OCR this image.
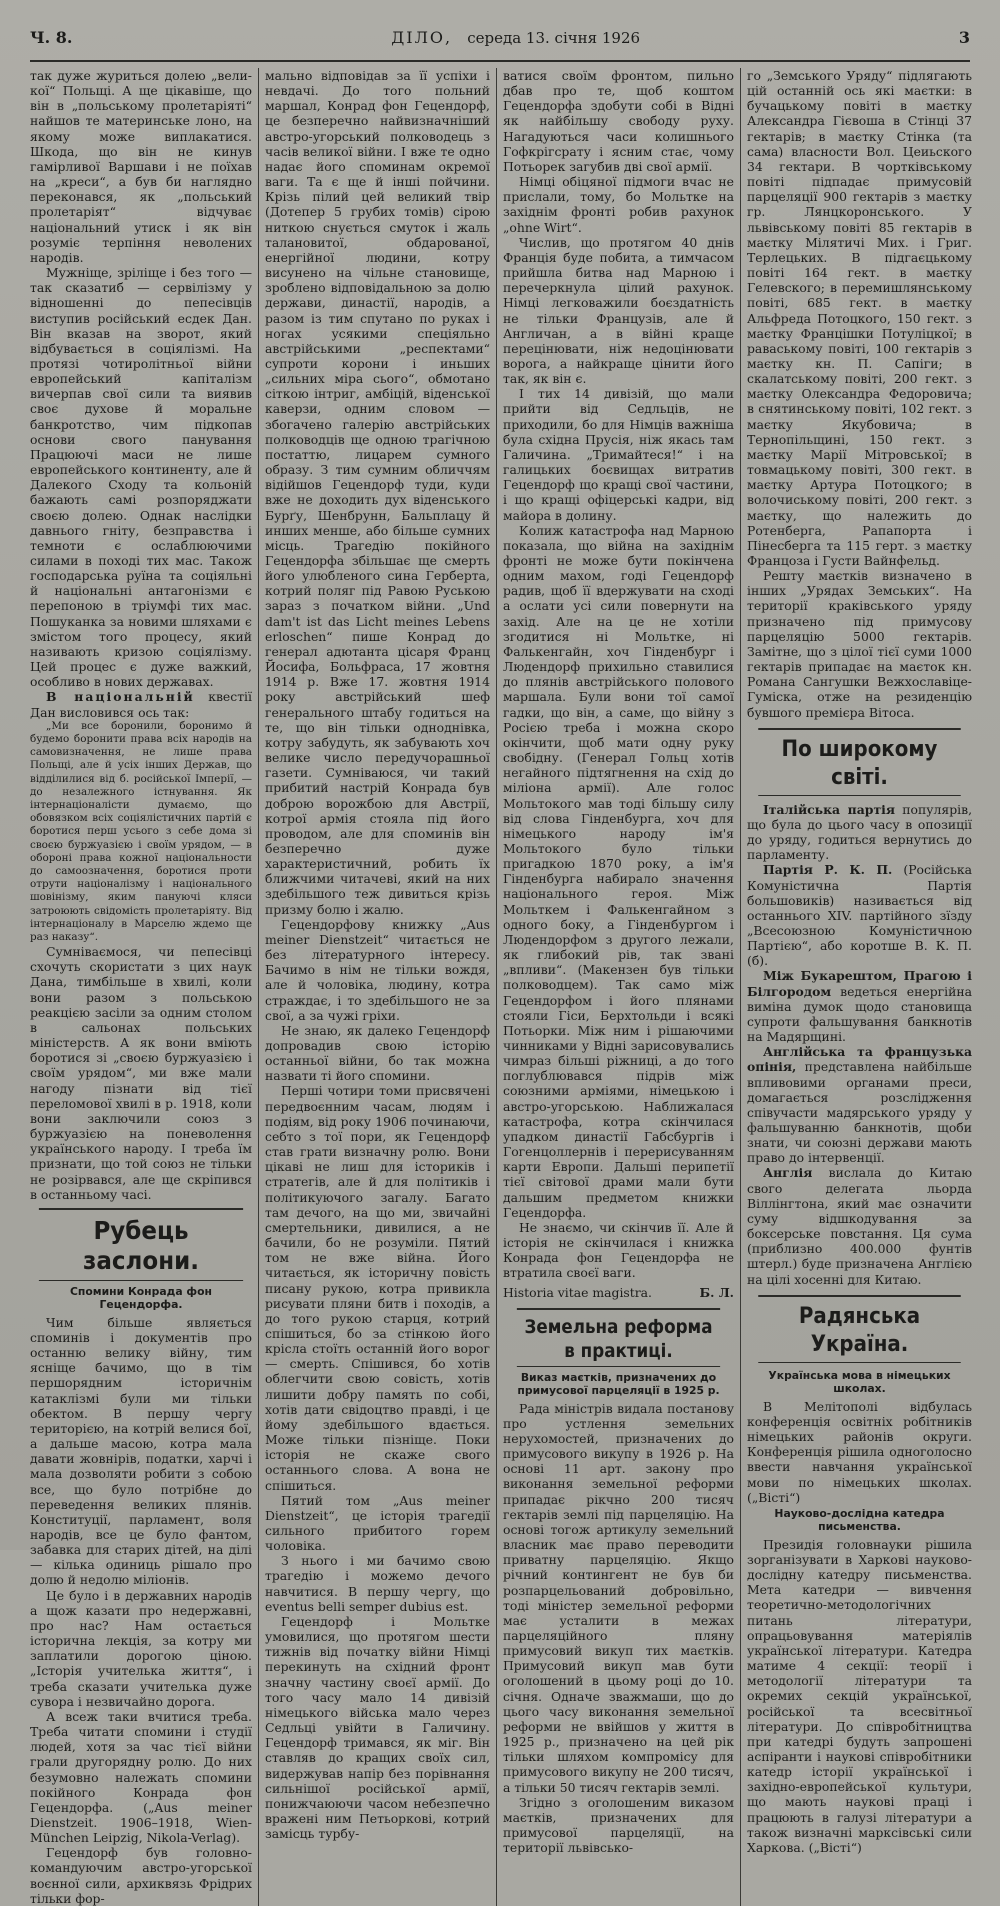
Ч. 8.	ДІЛО, середа 13. січня 1926	3

так дуже журиться долею „вели-кої“ Польщі. А ще цікавіше, що він в „польському пролетаріяті“ найшов те материнське лоно, на якому може виплакатися. Шкода, що він не кинув гамірливої Варшави і не поїхав на „креси“, а був би наглядно переконався, як „польський пролетаріят“ відчуває національний утиск і як він розуміє терпіння неволених народів.

Мужніще, зріліще і без того — так сказатиб — сервілізму у відношенні до пепесівців виступив росiйський есдек Дан. Він вказав на зворот, який відбувається в соціялізмі. На протязі чотирoлітньої війни европейський капіталізм вичерпав свої сили та виявив своє духове й моральне банкротство, чим підкопав основи свого панування Працюючі маси не лише европейського континенту, але й Далекого Сходу та кольоній бажають самі розпоряджати своєю долею. Однак наслідки давнього гніту, безправства і темноти є ослаблюючими силами в поході тих мас. Також господарська руїна та соціяльні й національні антагонізми є перепоною в тріумфі тих мас. Пошуканка за новими шляхами є змістом того процесу, який називають кризою соціялізму. Цей процес є дуже важкий, особливо в нових державах.

В національній квестії Дан висловився ось так:

„Ми все боронили, боронимо й будемо боронити права всіх народів на самовизначення, не лише права Польщі, але й усіх інших Держав, що відділилися від б. російської Імперії, — до незалежного істнування. Як інтернаціоналісти думаємо, що обовязком всіх соціялістичних партій є боротися перш усього з себе дома зі своєю буржуазією і своїм урядом, — в обороні права кожної національности до самоозначення, боротися проти отрути націоналізму і національного шовінізму, яким пануючі кляси затроюють свідомість пролетаріяту. Від інтернаціоналу в Марселю ждемо ще раз наказу“.

Сумніваємося, чи пепесівці схочуть скористати з цих нaук Дана, тимбільше в хвилі, коли вони разом з польською реакцією засіли за одним столом в сальонах польських міністерств. А як вони вміють боротися зі „своєю буржуазією і своїм урядом“, ми вже мали нагоду пізнати від тієї переломової хвилі в р. 1918, коли вони заключили союз з буржуазією на поневолення українського народу. І треба їм признати, що той союз не тільки не розірвався, але ще скріпився в останньому часі.

Рубець заслони.
Спомини Конрада фон Гецендорфа.

Чим більше являється споминів і документів про останню велику війну, тим ясніще бачимо, що в тім першорядним історичнім катаклізмі були ми тільки обектом. В першу чергу територією, на котрій велися бої, а дальше масою, котра мала давати жовнірів, податки, харчі і мала дозволяти робити з собою все, що було потрібне до переведення великих плянів. Конституції, парламент, воля народів, все це було фантом, забавка для старих дітей, на ділі — кілька одиниць рішало про долю й недолю міліонів.

Це було і в державних народів а щож казати про недержавні, про нас? Нам остається історична лекція, за котру ми заплатили дорогою ціною. „Історія учителька життя“, і треба сказати учителька дуже суворa і незвичайно дорогa.

А всеж таки вчитися треба. Треба читати спомини і студії людей, хотя за час тієї війни грали другорядну ролю. До них безумовно належать спомини покійного Конрада фон Гецендорфа. („Aus meiner Dienstzeit. 1906–1918, Wien-München Leipzig, Nikola-Verlag).

Гецендорф був головно-командуючим австро-угорської воєнної сили, архиквязь Фрідрих тільки фор-

мально відповідав за її успіхи і невдачі. До того польний маршал, Конрад фон Гецендорф, це безперечно найвизначніший австро-угорський полководець з часів великої війни. І вже те одно надає його споминам окремої ваги. Та є ще й інші пойчини. Крізь пілий цей великий твір (Дотепер 5 грубих томів) сірою ниткою снується смуток і жаль талановитої, обдарованої, енергійної людини, котру висунено на чільне становище, зроблено відповідальною за долю держави, династії, народів, а разом із тим спутано по руках і ногах усякими спеціяльно австрійськими „респектами“ супроти корони і иньших „сильних міра сього“, обмотано сіткою інтриг, амбіцій, віденської каверзи, одним словом — збогачено галерію австрійських полководців ще одною трагічною постаттю, лицарем сумного образу. З тим сумним обличчям відійшов Гецендорф туди, куди вже не доходить дух віденського Бурґу, Шенбрунн, Бальплацу й инших менше, або більше сумних місць. Трагедію покійного Гецендорфа збільшає ще смерть його улюбленого сина Герберта, котрий поляг під Равою Руською зараз з початком війни. „Und dam't ist das Licht meines Lebens erloschen“ пише Конрад до генерал адютанта цісаря Франц Йосифа, Больфраса, 17 жовтня 1914 р. Вже 17. жовтня 1914 року австрійський шеф генерального штабу годиться на те, що він тільки одноднівка, котру забудуть, як забувають хоч велике число передучорашньої газети. Сумніваюся, чи такий прибитий настрій Конрада був доброю ворожбою для Австрії, котрої армія стояла під його проводом, але для споминів він безперечно дуже характеристичний, робить їх ближчими читачеві, який на них здебільшого теж дивиться крізь призму болю і жалю.

Гецендорфову книжку „Aus meiner Dienstzeit“ читається не без літературного інтересу. Бачимо в нім не тільки вождя, але й чоловіка, людину, котра страждає, і то здебільшого не за свої, а за чужі гріхи.

Не знаю, як далеко Гецендорф допровадив свою історію останньої війни, бо так можна назвати ті його спомини.

Перші чотири томи присвячені передвоєнним часам, людям і подіям, від року 1906 починаючи, себто з тої пори, як Гецендорф став грати визначну ролю. Вони цікаві не лиш для істориків і стратегів, але й для політиків і політикуючого загалу. Багато там дечого, на що ми, звичайні смертельники, дивилися, а не бачили, бо не розуміли. Пятий том не вже війна. Його читається, як історичну повість писану рукою, котра привикла рисувати пляни битв і походів, а до того рукою старця, котрий спішиться, бо за стінкою його крісла стоїть останній його ворог — смерть. Спішився, бо хотів облегчити свою совість, хотів лишити добру память по собі, хотів дати свідоцтво правді, і це йому здебільшого вдається. Може тільки пізніще. Поки історія не скаже свого останнього слова. А вона не спішиться.

Пятий том „Aus meiner Dienstzeit“, це історія трагедії сильного прибитого горем чоловіка.

З нього і ми бачимо свою трагедію і можемо дечого навчитися. В першу чергу, що eventus belli semper dubius est.

Гецендорф і Мольтке умовилися, що протягом шести тижнів від початку війни Німці перекинуть на східний фронт значну частину своєї армії. До того часу мало 14 дивізій німецького війська мало через Седльці увійти в Галичину. Гецендорф тримався, як міг. Він ставляв до кращих своїх сил, видержував напір без порівнання сильнішої російської армії, понижчаюючи часом небезпечно вражені ним Петьоркові, котрий замісць турбу-

ватися своїм фронтом, пильно дбав про те, щоб коштом Гецендорфа здобути собі в Відні як найбільшу свободу руху. Нагадуються часи колишнього Гофкрігсрату і ясним стає, чому Потьорек загубив дві свої армії.

Німці обіцяної підмоги вчас не прислали, тому, бо Мольтке на західнім фронті робив рахунок „ohne Wirt“.

Числив, що протягом 40 днів Франція буде побита, а тимчасом прийшла битва над Марною і перечеркнула цілий рахунок. Німці легковажили боєздатність не тільки Французів, але й Англичан, а в війні краще перецінювати, ніж недоцінювати ворога, а найкраще цінити його так, як він є.

І тих 14 дивізій, що мали прийти від Седльців, не приходили, бо для Німців важніша була східна Прусія, ніж якась там Галичина. „Тримайтеся!“ і на галицьких боєвищах витратив Гецендорф що кращі свої частини, і що кращі офіцерські кадри, від майора в долину.

Колиж катастрофа над Марною показала, що війна на західнім фронті не може бути покінчена одним махом, годі Гецендорф радив, щоб її вдержувати на сході а ослати усі сили повернути на захід. Але на це не хотіли згодитися ні Мольтке, ні Фалькенгайн, хоч Гінденбург і Людендорф прихильно ставилися до плянів австрійського полового маршала. Були вони тої самої гадки, що він, а саме, що війну з Росією треба і можна скоро окінчити, щоб мати одну руку свобідну. (Генерал Гольц хотів негайного підтягнення на схід до міліона армії). Але голос Мольтокого мав тоді більшу силу від слова Гінденбурга, хоч для німецького народу ім'я Мольтокого було тільки пригадкою 1870 року, а ім'я Гінденбурга набирало значення національного героя. Між Мольткем і Фалькенгайном з одного боку, а Гінденбургом і Людендорфом з другого лежали, як глибокий рів, так звані „впливи“. (Макензен був тільки полководцем). Так само між Гецендорфом і його плянами стояли Гіси, Берхтольди і всякі Потьорки. Між ним і рішаючими чинниками у Відні зарисовувались чимраз більші ріжниці, а до того поглублювався підрів між союзними арміями, німецькою і австро-угорською. Наближалася катастрофа, котра скінчилася упадком династії Габсбургів і Гогенцоллернів і перерисуванням карти Европи. Дальші перипетії тієї світової драми мали бути дальшим предметом книжки Гецендорфа.

Не знаємо, чи скінчив її. Але й історія не скінчилася і книжка Конрада фон Гецендорфа не втратила своєї ваги.

Historia vitae magistra.	Б. Л.
Земельна реформа в практиці.
Виказ маєтків, призначених до примусової парцеляції в 1925 р.

Рада міністрів видала постанову про устлення земельних нерухомостей, призначених до примусового викупу в 1926 р. На основі 11 арт. закону про виконання земельної реформи припадає рікчно 200 тисяч гектарів землі під парцеляцію. На основі тогож артикулу земельний власник має право переводити приватну парцеляцію. Якщо річний контингент не був би розпарцельований добровільно, тоді міністер земельної реформи має усталити в межах парцеляційного пляну примусовий викуп тих маєтків. Примусовий викуп мав бути оголошений в цьому році до 10. січня. Одначе зважмаши, що до цього часу виконання земельної реформи не ввійшов у життя в 1925 р., призначено на цей рік тільки шляхом компромісу для примусового викупу не 200 тисяч, а тільки 50 тисяч гектарів землі.

Згідно з оголошеним виказом маєтків, призначених для примусової парцеляції, на території львівсько-

го „Земського Уряду“ підлягають цій останній ось які маєтки: в бучацькому повіті в маєтку Александра Гієвоша в Стінці 37 гектарів; в маєтку Стінка (та сама) власности Вол. Цеиьского 34 гектари. В чортківському повіті підпадає примусовій парцеляції 900 гектарів з маєтку гр. Лянцкоронського. У львівському повіті 85 гектарів в маєтку Мілятичі Мих. і Григ. Терлецьких. В підгаєцькому повіті 164 гект. в маєтку Гелевского; в перемишлянському повіті, 685 гект. в маєтку Альфреда Потоцкого, 150 гект. з маєтку Францішки Потулiцкої; в раваському повіті, 100 гектарів з маєтку кн. П. Сапіги; в скалатському повіті, 200 гект. з маєтку Олександра Федоровича; в снятинському повіті, 102 гект. з маєтку Якубовича; в Тернопільщині, 150 гект. з маєтку Марії Мітровської; в товмацькому повіті, 300 гект. в маєтку Артура Потоцкого; в волочиському повіті, 200 гект. з маєтку, що належить до Ротенберга, Рапапорта і Пінесберга та 115 герт. з маєтку Францоза і Густи Вайнфельд.

Решту маєтків визначено в інших „Урядах Земських“. На території краківського уряду призначено під примусову парцеляцію 5000 гектарів. Замітне, що з цілої тієї суми 1000 гектарів припадає на маєток кн. Романа Сангушки Вежхославіце-Гуміска, отже на резиденцію бувшого премієра Вітоса.

По широкому світі.

Італійська партія популярів, що була до цього часу в опозиції до уряду, годиться вернутись до парламенту.

Партія Р. К. П. (Російська Комуністична Партія большовиків) називається від останнього XIV. партійного зїзду „Всесоюзною Комуністичною Партією“, або коротше В. К. П. (б).

Між Букарештом, Прагою і Білгородом ведеться енергійна виміна думок щодо становища супроти фальшування банкнотів на Мадярщині.

Англійська та французька опінія, представлена найбільше впливовими органами преси, домагається розслідження співучасти мадярського уряду у фальшуванню банкнотів, щоби знати, чи союзні держави мають право до інтервенції.

Англія вислала до Китаю свого делегата льорда Віллінгтона, який має означити суму відшкодування за боксерське повстання. Ця сума (приблизно 400.000 фунтів штерл.) буде призначена Англією на цілі хосенні для Китаю.

Радянська Україна.
Українська мова в німецьких школах.

В Мелітополі відбулась конференція освітніх робітників німецьких районів округи. Конференція рішила одноголосно ввести навчання української мови по німецьких школах. („Вісті“)

Науково-дослідна катедра письменства.

Президія головнауки рішила зорганізувати в Харкові науково-дослідну катедру письменства. Метa катедри — вивчення теоретично-методологічних питань літератури, опрацьовування матеріялів української літератури. Катедра матиме 4 секції: теорії і методології літератури та окремих секцій української, російської та всесвітньої літератури. До співробітництва при катедрі будуть запрошені аспіранти і наукові співробітники катедр історії української і західно-европейської культури, що мають наукові праці і працюють в галузі літератури а також визначні марксівські сили Харкова. („Вісті“)
